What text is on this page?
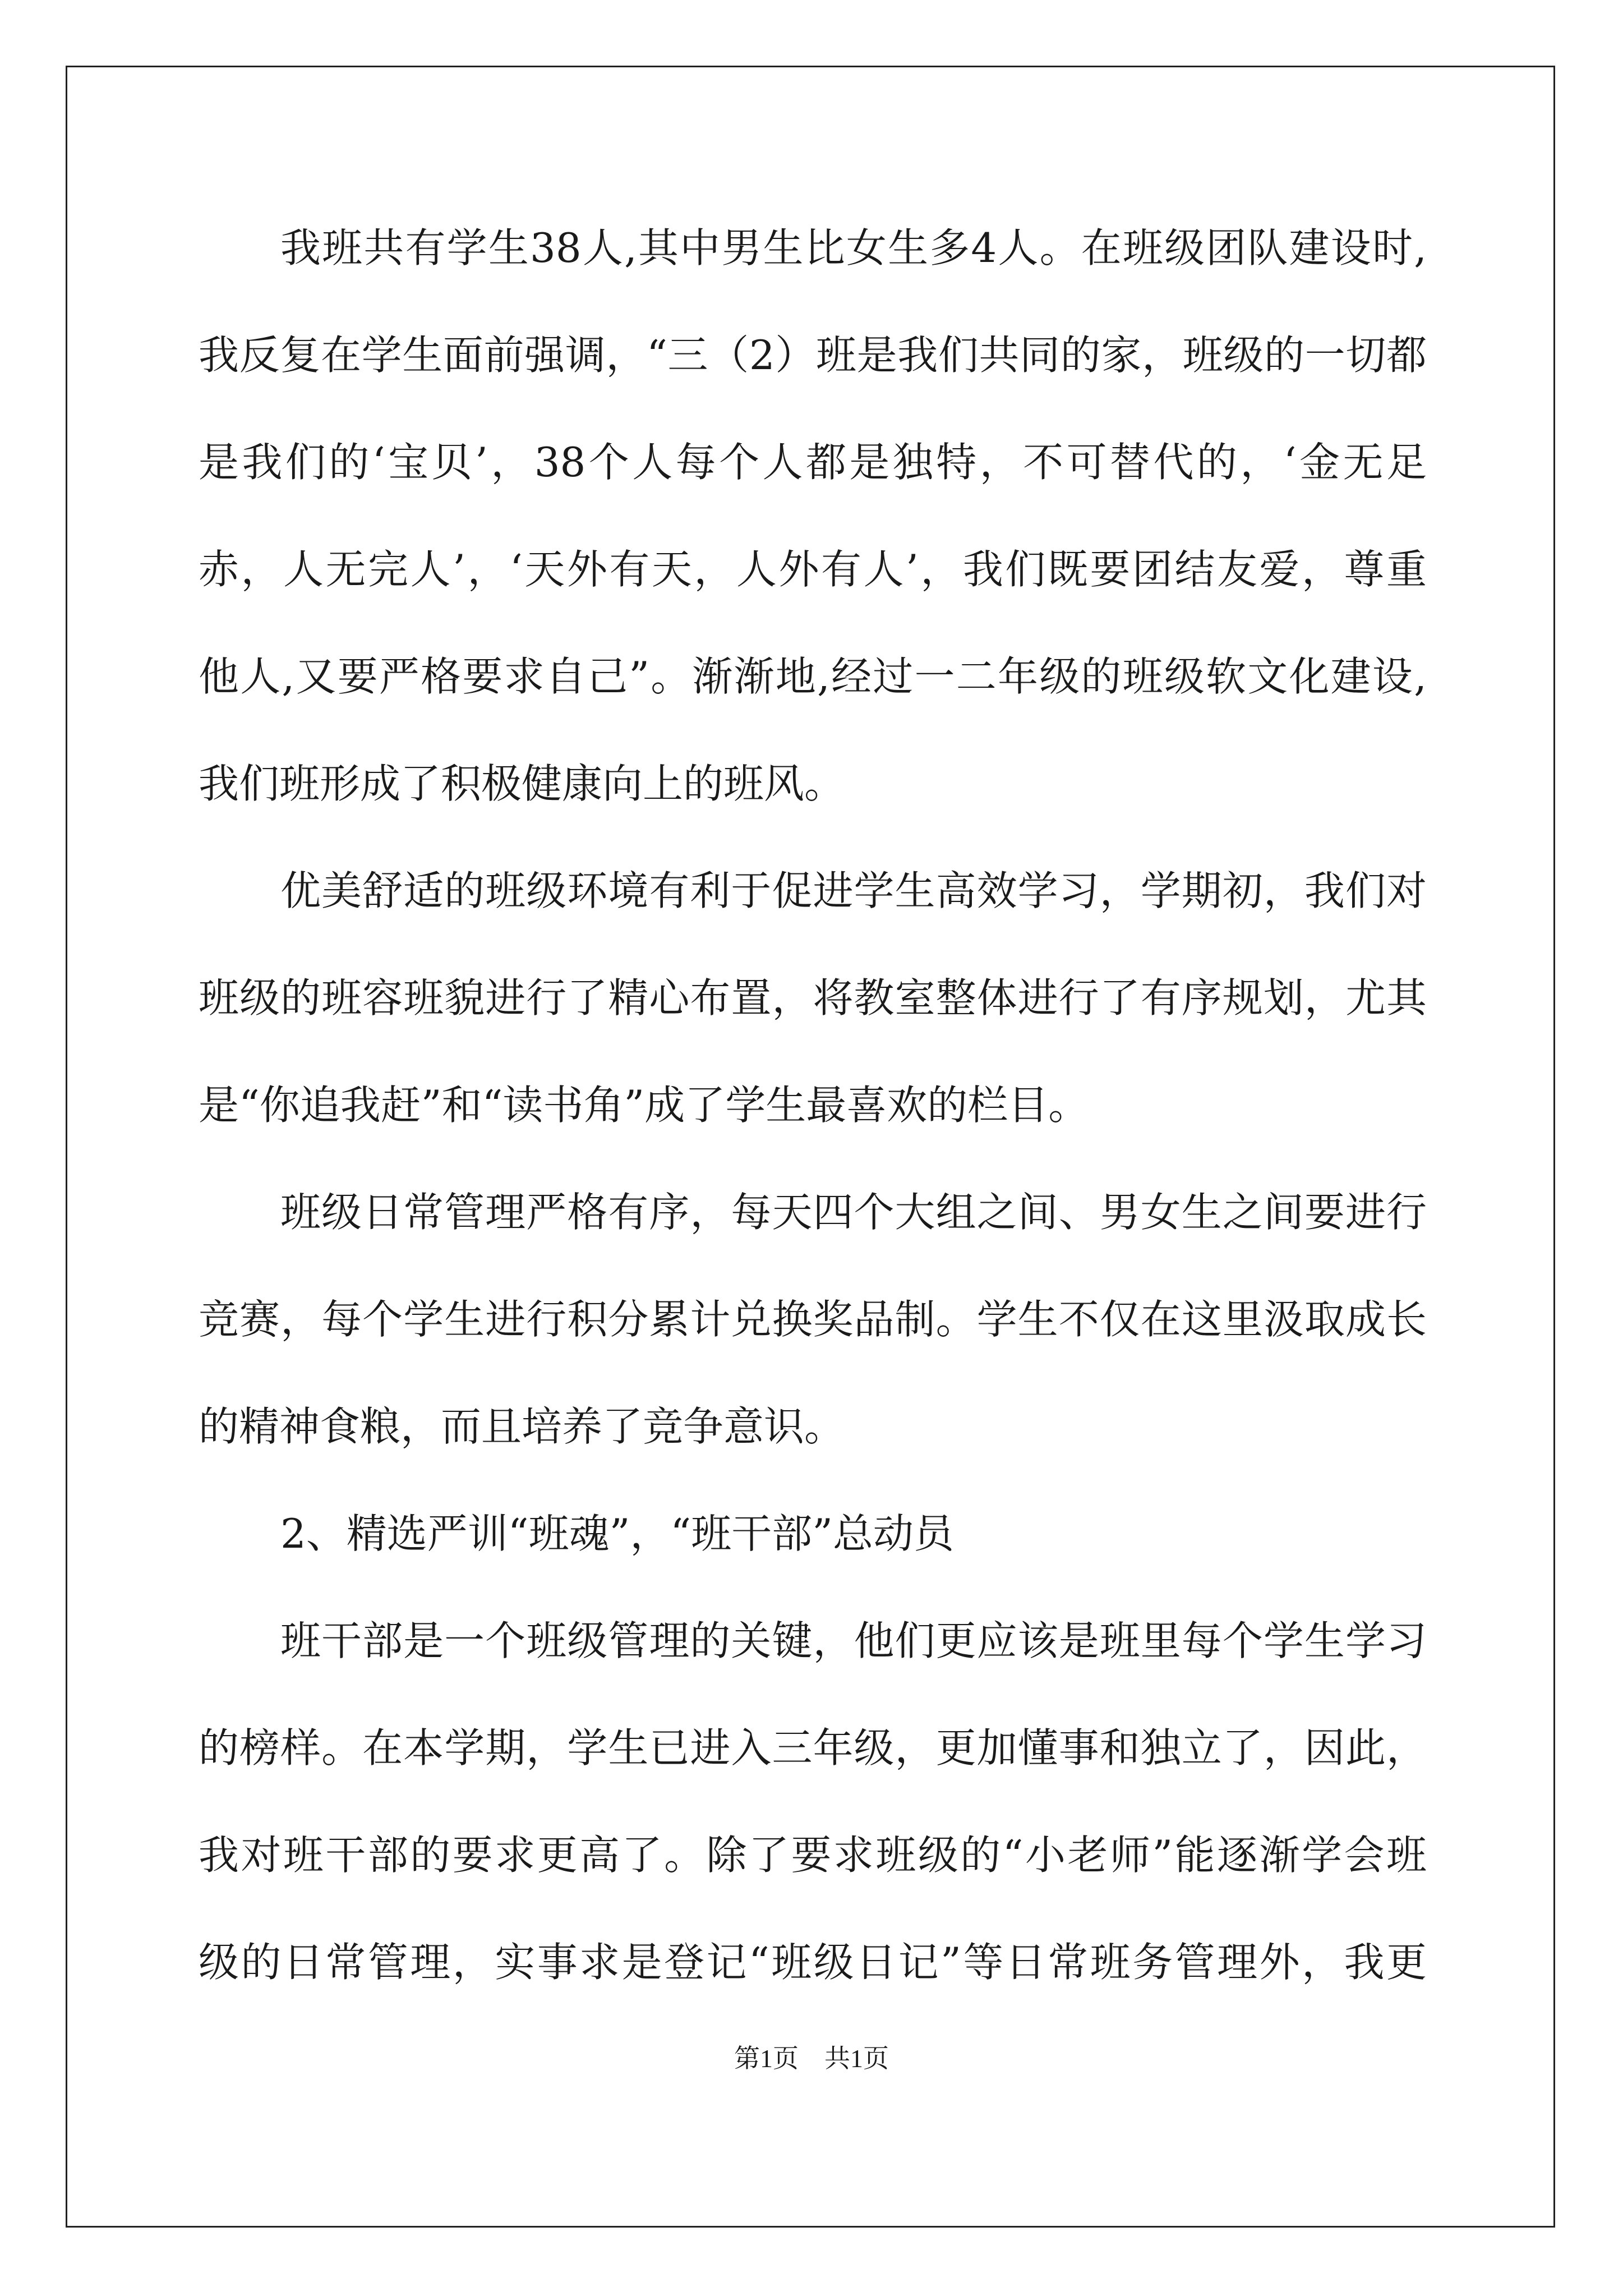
我班共有学生38人,其中男生比女生多4人。在班级团队建设时,
我反复在学生面前强调，“三（2）班是我们共同的家，班级的一切都
是我们的‘宝贝’，38个人每个人都是独特，不可替代的，‘金无足
赤，人无完人’，‘天外有天，人外有人’，我们既要团结友爱，尊重
他人,又要严格要求自己”。渐渐地,经过一二年级的班级软文化建设,
我们班形成了积极健康向上的班风。
优美舒适的班级环境有利于促进学生高效学习，学期初，我们对
班级的班容班貌进行了精心布置，将教室整体进行了有序规划，尤其
是“你追我赶”和“读书角”成了学生最喜欢的栏目。
班级日常管理严格有序，每天四个大组之间、男女生之间要进行
竞赛，每个学生进行积分累计兑换奖品制。学生不仅在这里汲取成长
的精神食粮，而且培养了竞争意识。
2、精选严训“班魂”，“班干部”总动员
班干部是一个班级管理的关键，他们更应该是班里每个学生学习
的榜样。在本学期，学生已进入三年级，更加懂事和独立了，因此，
我对班干部的要求更高了。除了要求班级的“小老师”能逐渐学会班
级的日常管理，实事求是登记“班级日记”等日常班务管理外，我更
第1页　共1页
